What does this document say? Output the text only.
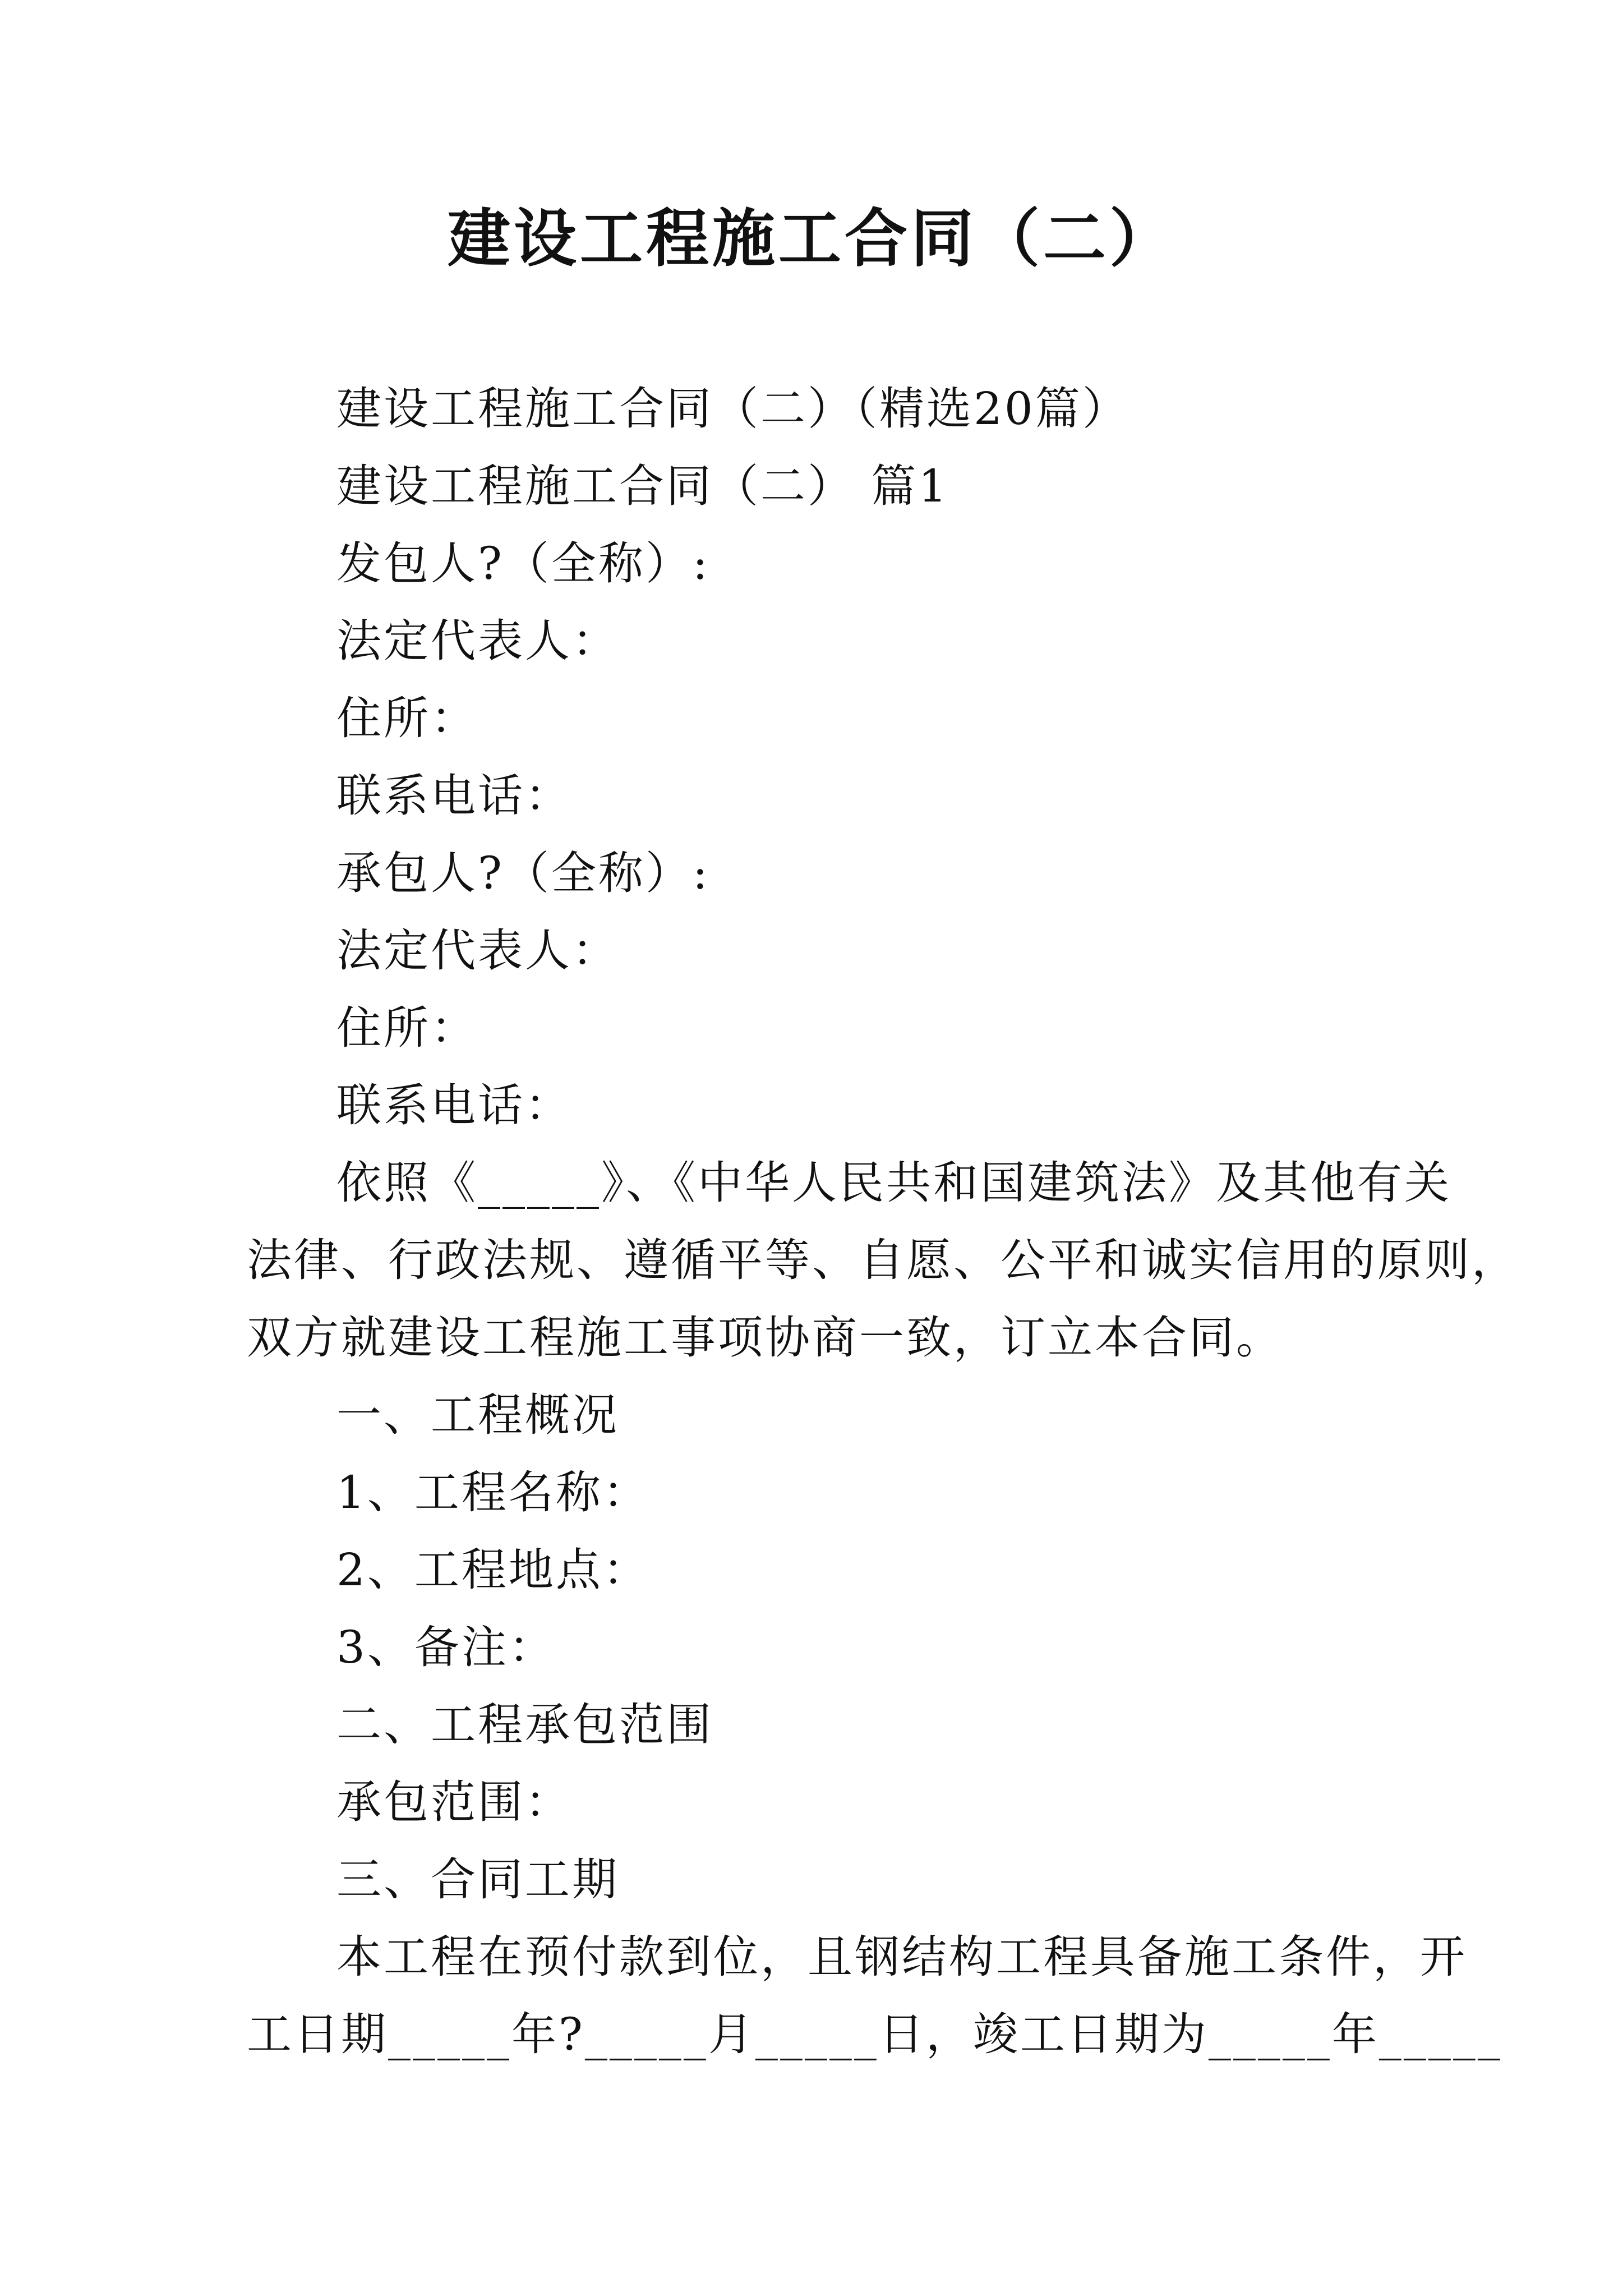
建设工程施工合同（二）
建设工程施工合同（二）（精选20篇）
建设工程施工合同（二） 篇1
发包人?（全称）:
法定代表人：
住所：
联系电话：
承包人?（全称）:
法定代表人：
住所：
联系电话：
依照《_____》、《中华人民共和国建筑法》及其他有关
法律、行政法规、遵循平等、自愿、公平和诚实信用的原则，
双方就建设工程施工事项协商一致，订立本合同。
一、工程概况
1、工程名称：
2、工程地点：
3、备注：
二、工程承包范围
承包范围：
三、合同工期
本工程在预付款到位，且钢结构工程具备施工条件，开
工日期_____年?_____月_____日，竣工日期为_____年_____
